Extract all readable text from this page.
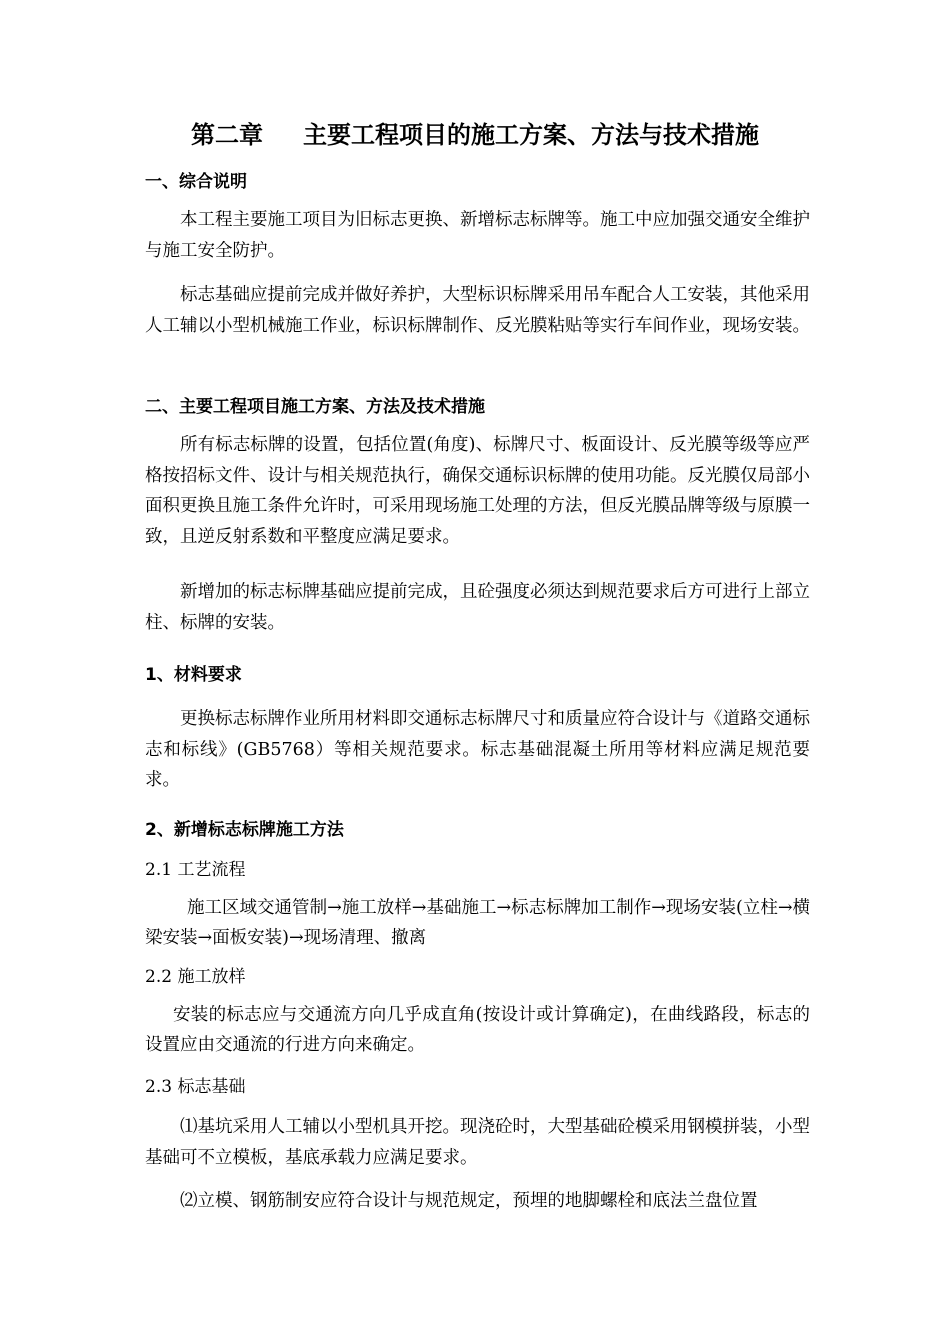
第二章 主要工程项目的施工方案、方法与技术措施
一、综合说明
本工程主要施工项目为旧标志更换、新增标志标牌等。施工中应加强交通安全维护与施工安全防护。
标志基础应提前完成并做好养护，大型标识标牌采用吊车配合人工安装，其他采用人工辅以小型机械施工作业，标识标牌制作、反光膜粘贴等实行车间作业，现场安装。
二、主要工程项目施工方案、方法及技术措施
所有标志标牌的设置，包括位置(角度)、标牌尺寸、板面设计、反光膜等级等应严格按招标文件、设计与相关规范执行，确保交通标识标牌的使用功能。反光膜仅局部小面积更换且施工条件允许时，可采用现场施工处理的方法，但反光膜品牌等级与原膜一致，且逆反射系数和平整度应满足要求。
新增加的标志标牌基础应提前完成，且砼强度必须达到规范要求后方可进行上部立柱、标牌的安装。
1、材料要求
更换标志标牌作业所用材料即交通标志标牌尺寸和质量应符合设计与《道路交通标志和标线》(GB5768）等相关规范要求。标志基础混凝土所用等材料应满足规范要求。
2、新增标志标牌施工方法
2.1 工艺流程
施工区域交通管制→施工放样→基础施工→标志标牌加工制作→现场安装(立柱→横梁安装→面板安装)→现场清理、撤离
2.2 施工放样
安装的标志应与交通流方向几乎成直角(按设计或计算确定)，在曲线路段，标志的设置应由交通流的行进方向来确定。
2.3 标志基础
⑴基坑采用人工辅以小型机具开挖。现浇砼时，大型基础砼模采用钢模拼装，小型基础可不立模板，基底承载力应满足要求。
⑵立模、钢筋制安应符合设计与规范规定，预埋的地脚螺栓和底法兰盘位置
